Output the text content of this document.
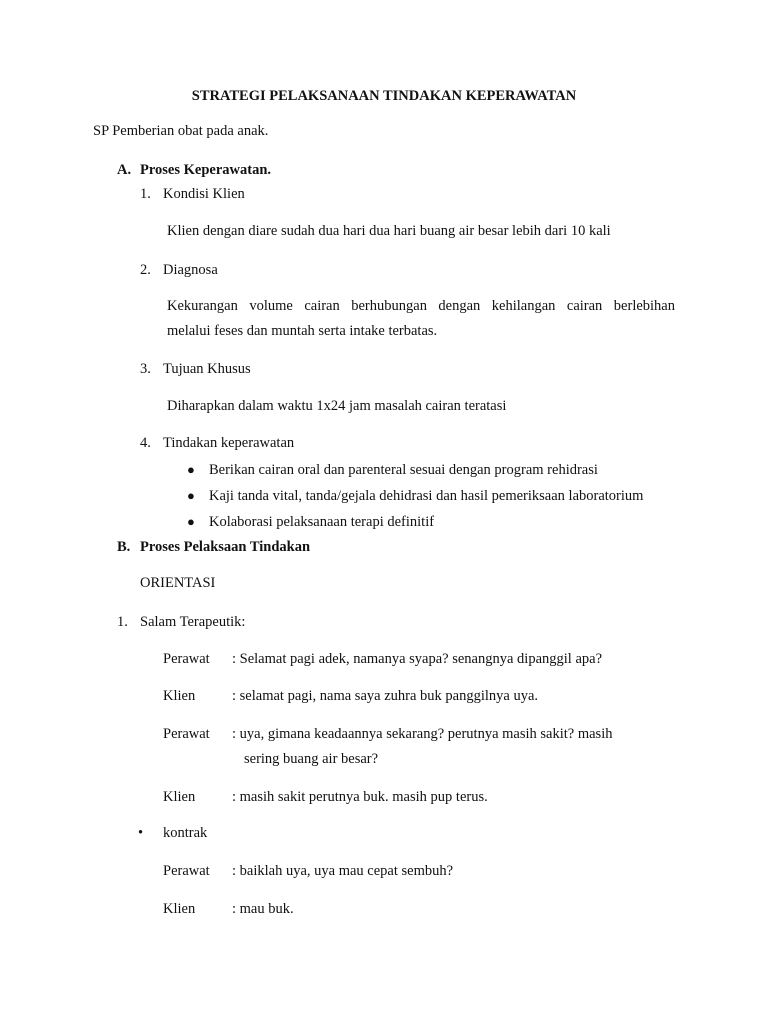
STRATEGI PELAKSANAAN TINDAKAN KEPERAWATAN
SP Pemberian obat pada anak.
A. Proses Keperawatan.
1. Kondisi Klien
Klien dengan diare sudah dua hari dua hari buang air besar lebih dari 10 kali
2. Diagnosa
Kekurangan volume cairan berhubungan dengan kehilangan cairan berlebihan
melalui feses dan muntah serta intake terbatas.
3. Tujuan Khusus
Diharapkan dalam waktu 1x24 jam masalah cairan teratasi
4. Tindakan keperawatan
● Berikan cairan oral dan parenteral sesuai dengan program rehidrasi
● Kaji tanda vital, tanda/gejala dehidrasi dan hasil pemeriksaan laboratorium
● Kolaborasi pelaksanaan terapi definitif
B. Proses Pelaksaan Tindakan
ORIENTASI
1. Salam Terapeutik:
Perawat : Selamat pagi adek, namanya syapa? senangnya dipanggil apa?
Klien	: selamat pagi, nama saya zuhra buk panggilnya uya.
Perawat : uya, gimana keadaannya sekarang? perutnya masih sakit? masih
sering buang air besar?
Klien	: masih sakit perutnya buk. masih pup terus.
• kontrak
Perawat : baiklah uya, uya mau cepat sembuh?
Klien	: mau buk.
